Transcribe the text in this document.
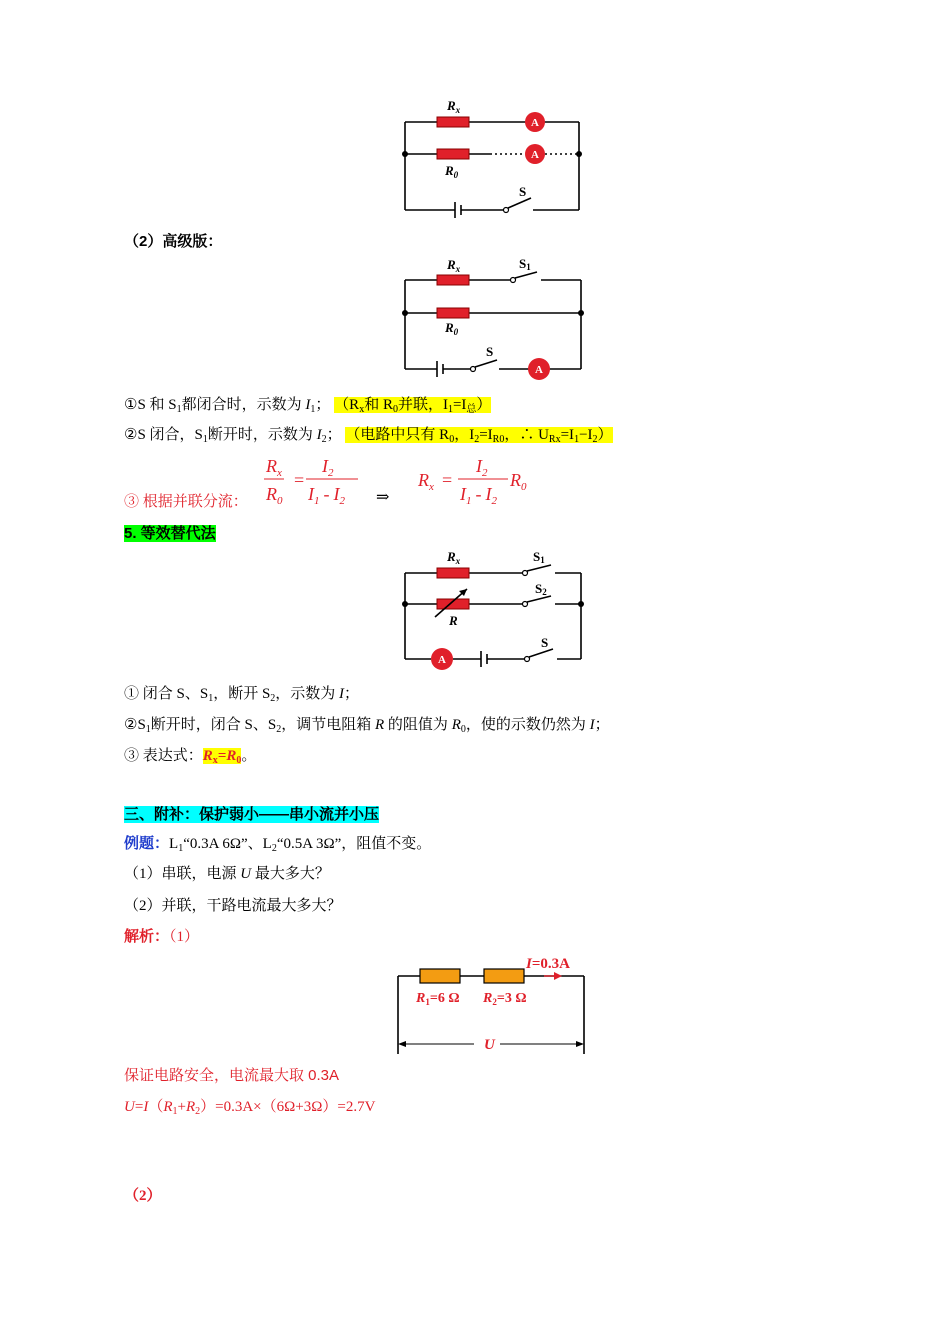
A
A
$R_x$
$R_0$
S
（2）高级版：
A
$R_x$
$R_0$
S1
S
①S 和 $S_1$都闭合时，示数为 $I_1$； （$R_x$和 $R_0$并联，$I_1=I_总$）
②S 闭合，$S_1$断开时，示数为 $I_2$； （电路中只有 $R_0$，$I_2=I_{R0}$，∴ $U_{Rx}=I_1-I_2$）
③ 根据并联分流：
$R_x$
$R_0$
=
$I_2$
$I_1 - I_2$
$R_x$ =
$I_2$
$I_1 - I_2$
$R_0$
⇒
5. 等效替代法
A
$R_x$
R
S1
S2
S
① 闭合 S、$S_1$，断开 $S_2$，示数为 I；
$②S_1$断开时，闭合 S、$S_2$，调节电阻箱 R 的阻值为 $R_0$，使的示数仍然为 I；
③ 表达式：$R_x=R_0$。
三、附补：保护弱小——串小流并小压
例题：$L_1“0.3A$ 6Ω”、$L_2“0.5A$ 3Ω”，阻值不变。
（1）串联，电源 U 最大多大？
（2）并联，干路电流最大多大？
解析：（1）
I=0.3A
$R_1=6$ Ω $R_2=3$ Ω
U
保证电路安全，电流最大取 0.3A
$U=I(R_1+R_2)=0.3A\times(6\Omega+3\Omega)=2.7V$
（2）
